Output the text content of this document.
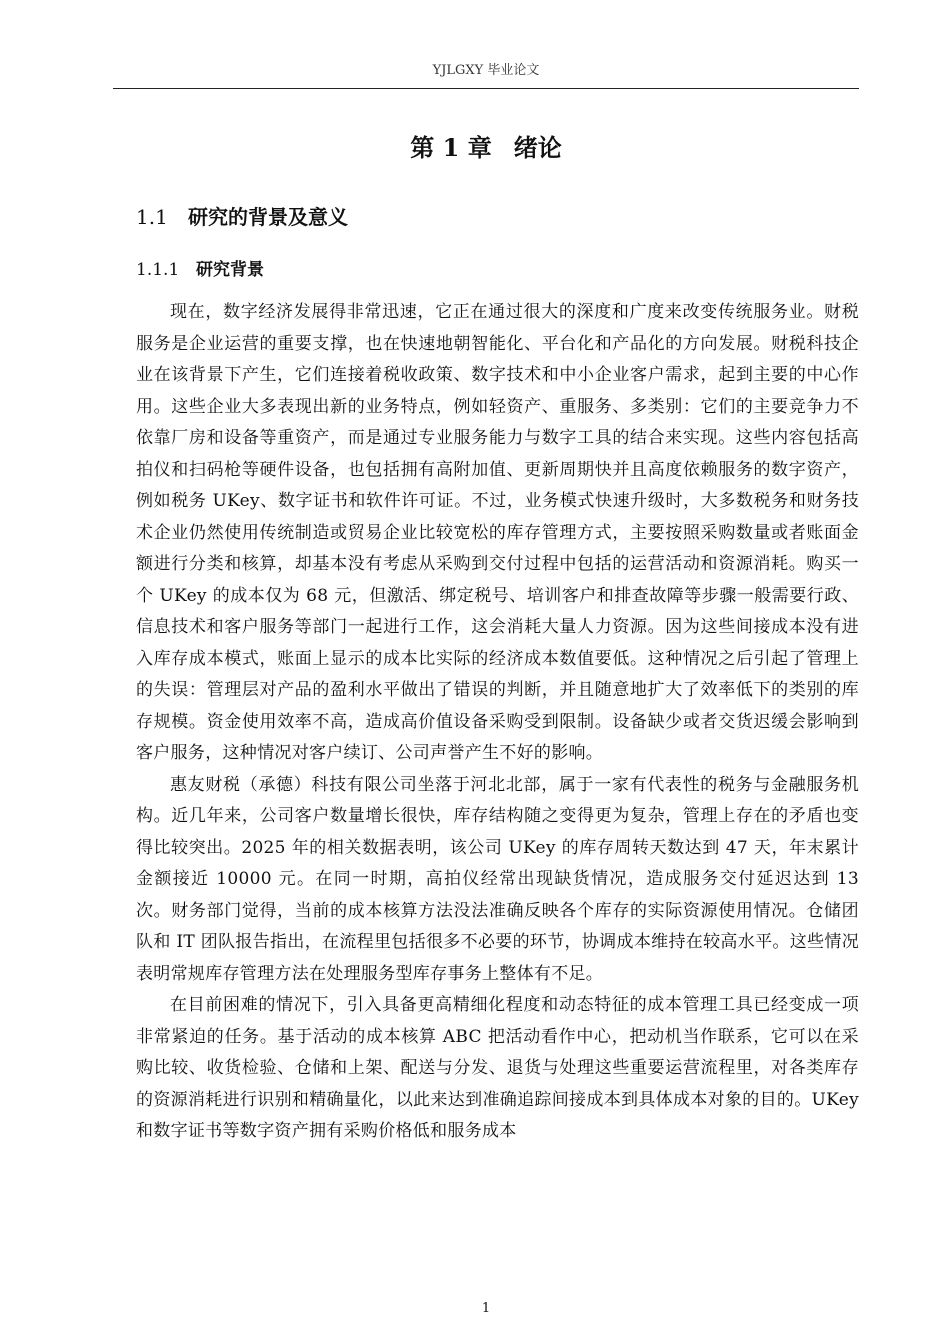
YJLGXY 毕业论文
第 1 章 绪论
1.1 研究的背景及意义
1.1.1 研究背景

现在，数字经济发展得非常迅速，它正在通过很大的深度和广度来改变传统服务业。财税服务是企业运营的重要支撑，也在快速地朝智能化、平台化和产品化的方向发展。财税科技企业在该背景下产生，它们连接着税收政策、数字技术和中小企业客户需求，起到主要的中心作用。这些企业大多表现出新的业务特点，例如轻资产、重服务、多类别：它们的主要竞争力不依靠厂房和设备等重资产，而是通过专业服务能力与数字工具的结合来实现。这些内容包括高拍仪和扫码枪等硬件设备，也包括拥有高附加值、更新周期快并且高度依赖服务的数字资产，例如税务 UKey、数字证书和软件许可证。不过，业务模式快速升级时，大多数税务和财务技术企业仍然使用传统制造或贸易企业比较宽松的库存管理方式，主要按照采购数量或者账面金额进行分类和核算，却基本没有考虑从采购到交付过程中包括的运营活动和资源消耗。购买一个 UKey 的成本仅为 68 元，但激活、绑定税号、培训客户和排查故障等步骤一般需要行政、信息技术和客户服务等部门一起进行工作，这会消耗大量人力资源。因为这些间接成本没有进入库存成本模式，账面上显示的成本比实际的经济成本数值要低。这种情况之后引起了管理上的失误：管理层对产品的盈利水平做出了错误的判断，并且随意地扩大了效率低下的类别的库存规模。资金使用效率不高，造成高价值设备采购受到限制。设备缺少或者交货迟缓会影响到客户服务，这种情况对客户续订、公司声誉产生不好的影响。

惠友财税（承德）科技有限公司坐落于河北北部，属于一家有代表性的税务与金融服务机构。近几年来，公司客户数量增长很快，库存结构随之变得更为复杂，管理上存在的矛盾也变得比较突出。2025 年的相关数据表明，该公司 UKey 的库存周转天数达到 47 天，年末累计金额接近 10000 元。在同一时期，高拍仪经常出现缺货情况，造成服务交付延迟达到 13 次。财务部门觉得，当前的成本核算方法没法准确反映各个库存的实际资源使用情况。仓储团队和 IT 团队报告指出，在流程里包括很多不必要的环节，协调成本维持在较高水平。这些情况表明常规库存管理方法在处理服务型库存事务上整体有不足。

在目前困难的情况下，引入具备更高精细化程度和动态特征的成本管理工具已经变成一项非常紧迫的任务。基于活动的成本核算 ABC 把活动看作中心，把动机当作联系，它可以在采购比较、收货检验、仓储和上架、配送与分发、退货与处理这些重要运营流程里，对各类库存的资源消耗进行识别和精确量化，以此来达到准确追踪间接成本到具体成本对象的目的。UKey 和数字证书等数字资产拥有采购价格低和服务成本

1
